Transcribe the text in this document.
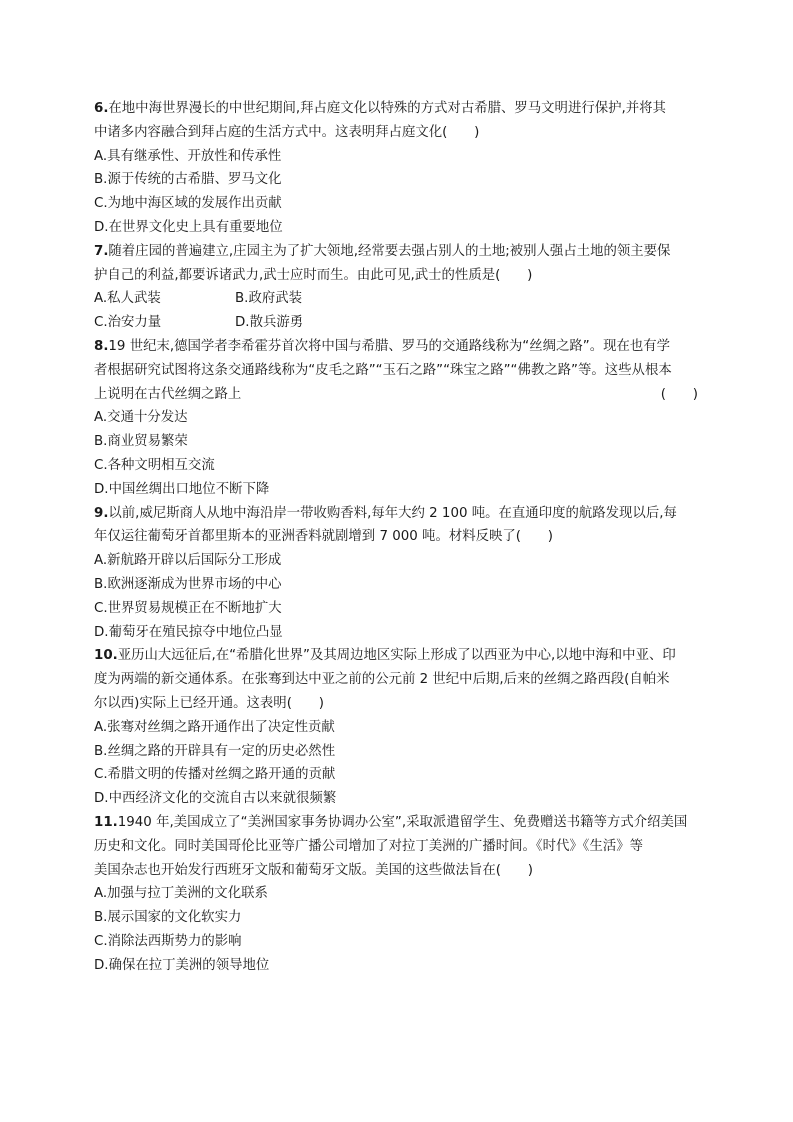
6.在地中海世界漫长的中世纪期间,拜占庭文化以特殊的方式对古希腊、罗马文明进行保护,并将其
中诸多内容融合到拜占庭的生活方式中。这表明拜占庭文化(　　)
A.具有继承性、开放性和传承性
B.源于传统的古希腊、罗马文化
C.为地中海区域的发展作出贡献
D.在世界文化史上具有重要地位
7.随着庄园的普遍建立,庄园主为了扩大领地,经常要去强占别人的土地;被别人强占土地的领主要保
护自己的利益,都要诉诸武力,武士应时而生。由此可见,武士的性质是(　　)
A.私人武装	B.政府武装
C.治安力量	D.散兵游勇
8.19 世纪末,德国学者李希霍芬首次将中国与希腊、罗马的交通路线称为“丝绸之路”。现在也有学
者根据研究试图将这条交通路线称为“皮毛之路”“玉石之路”“珠宝之路”“佛教之路”等。这些从根本
上说明在古代丝绸之路上	(　　)
A.交通十分发达
B.商业贸易繁荣
C.各种文明相互交流
D.中国丝绸出口地位不断下降
9.以前,威尼斯商人从地中海沿岸一带收购香料,每年大约 2 100 吨。在直通印度的航路发现以后,每
年仅运往葡萄牙首都里斯本的亚洲香料就剧增到 7 000 吨。材料反映了(　　)
A.新航路开辟以后国际分工形成
B.欧洲逐渐成为世界市场的中心
C.世界贸易规模正在不断地扩大
D.葡萄牙在殖民掠夺中地位凸显
10.亚历山大远征后,在“希腊化世界”及其周边地区实际上形成了以西亚为中心,以地中海和中亚、印
度为两端的新交通体系。在张骞到达中亚之前的公元前 2 世纪中后期,后来的丝绸之路西段(自帕米
尔以西)实际上已经开通。这表明(　　)
A.张骞对丝绸之路开通作出了决定性贡献
B.丝绸之路的开辟具有一定的历史必然性
C.希腊文明的传播对丝绸之路开通的贡献
D.中西经济文化的交流自古以来就很频繁
11.1940 年,美国成立了“美洲国家事务协调办公室”,采取派遣留学生、免费赠送书籍等方式介绍美国
历史和文化。同时美国哥伦比亚等广播公司增加了对拉丁美洲的广播时间。《时代》《生活》等
美国杂志也开始发行西班牙文版和葡萄牙文版。美国的这些做法旨在(　　)
A.加强与拉丁美洲的文化联系
B.展示国家的文化软实力
C.消除法西斯势力的影响
D.确保在拉丁美洲的领导地位
